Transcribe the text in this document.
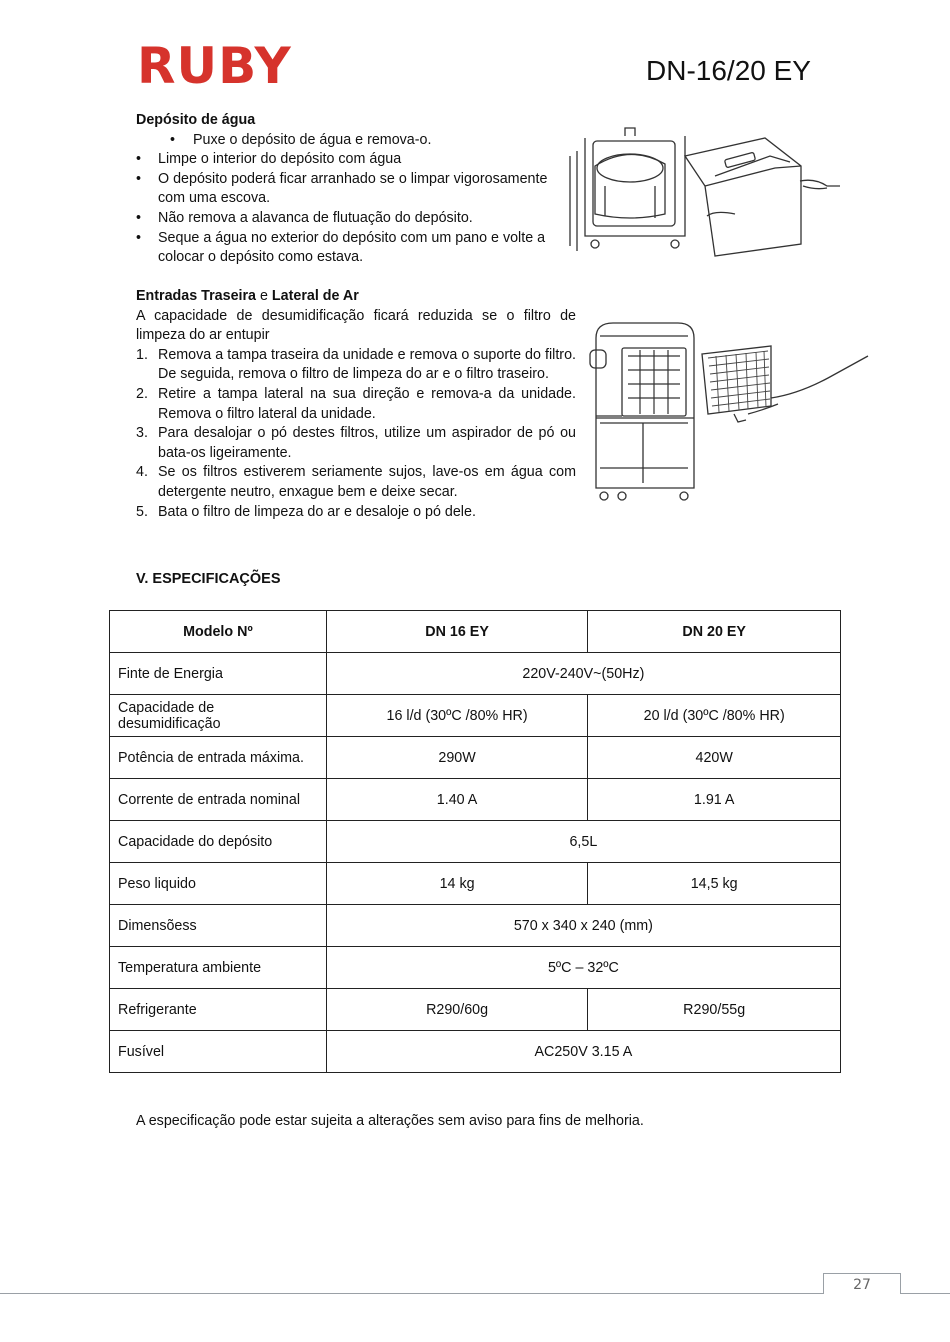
RUBY	DN-16/20 EY

Depósito de água

• Puxe o depósito de água e remova-o.
• Limpe o interior do depósito com água
• O depósito poderá ficar arranhado se o limpar vigorosamente com uma escova.
• Não remova a alavanca de flutuação do depósito.
• Seque a água no exterior do depósito com um pano e volte a colocar o depósito como estava.

Entradas Traseira e Lateral de Ar

A capacidade de desumidificação ficará reduzida se o filtro de limpeza do ar entupir

1. Remova a tampa traseira da unidade e remova o suporte do filtro. De seguida, remova o filtro de limpeza do ar e o filtro traseiro.
2. Retire a tampa lateral na sua direção e remova-a da unidade. Remova o filtro lateral da unidade.
3. Para desalojar o pó destes filtros, utilize um aspirador de pó ou bata-os ligeiramente.
4. Se os filtros estiverem seriamente sujos, lave-os em água com detergente neutro, enxague bem e deixe secar.
5. Bata o filtro de limpeza do ar e desaloje o pó dele.
V. ESPECIFICAÇÕES
Modelo Nº	DN 16 EY	DN 20 EY
Finte de Energia	220V-240V~(50Hz)	
Capacidade de desumidificação	16 l/d (30ºC /80% HR)	20 l/d (30ºC /80% HR)
Potência de entrada máxima.	290W	420W
Corrente de entrada nominal	1.40 A	1.91 A
Capacidade do depósito	6,5L	
Peso liquido	14 kg	14,5 kg
Dimensõess	570 x 340 x 240 (mm)	
Temperatura ambiente	5ºC – 32ºC	
Refrigerante	R290/60g	R290/55g
Fusível	AC250V 3.15 A	
A especificação pode estar sujeita a alterações sem aviso para fins de melhoria.
27
